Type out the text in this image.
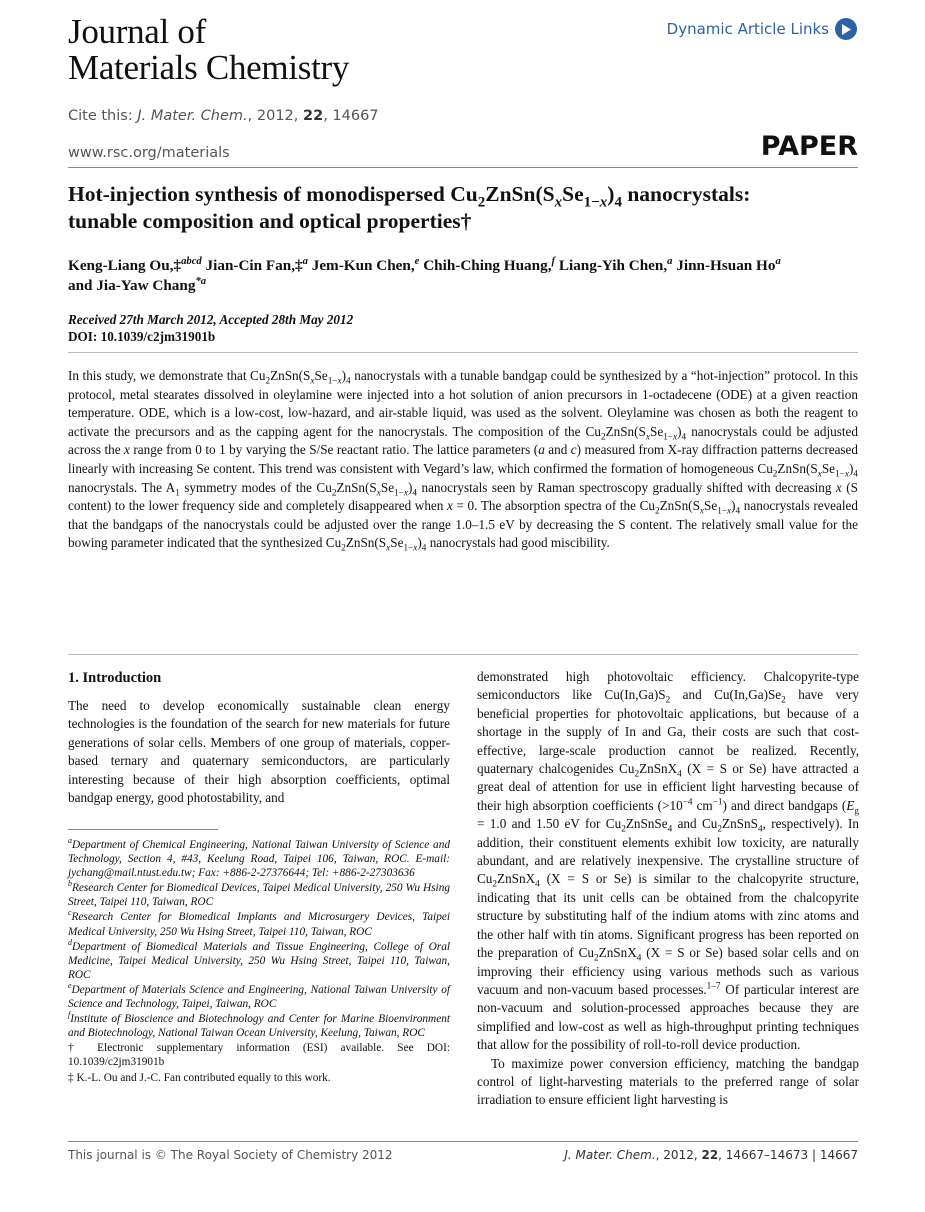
Journal of
Materials Chemistry
Dynamic Article Links
Cite this: J. Mater. Chem., 2012, 22, 14667
www.rsc.org/materials	PAPER
Hot-injection synthesis of monodispersed $Cu_2ZnSn(S_xSe_{1-x})_4$ nanocrystals:
tunable composition and optical properties†
Keng-Liang Ou,‡$^{abcd}$ Jian-Cin Fan,‡$^a$ Jem-Kun Chen,$^e$ Chih-Ching Huang,$^f$ Liang-Yih Chen,$^a$ Jinn-Hsuan Ho$^a$
and Jia-Yaw Chang$^{*a}$
Received 27th March 2012, Accepted 28th May 2012
DOI: 10.1039/c2jm31901b
In this study, we demonstrate that $Cu_2ZnSn(S_xSe_{1-x})_4$ nanocrystals with a tunable bandgap could be synthesized by a “hot-injection” protocol. In this protocol, metal stearates dissolved in oleylamine were injected into a hot solution of anion precursors in 1-octadecene (ODE) at a given reaction temperature. ODE, which is a low-cost, low-hazard, and air-stable liquid, was used as the solvent. Oleylamine was chosen as both the reagent to activate the precursors and as the capping agent for the nanocrystals. The composition of the $Cu_2ZnSn(S_xSe_{1-x})_4$ nanocrystals could be adjusted across the x range from 0 to 1 by varying the S/Se reactant ratio. The lattice parameters (a and c) measured from X-ray diffraction patterns decreased linearly with increasing Se content. This trend was consistent with Vegard’s law, which confirmed the formation of homogeneous $Cu_2ZnSn(S_xSe_{1-x})_4$ nanocrystals. The $A_1$ symmetry modes of the $Cu_2ZnSn(S_xSe_{1-x})_4$ nanocrystals seen by Raman spectroscopy gradually shifted with decreasing x (S content) to the lower frequency side and completely disappeared when x = 0. The absorption spectra of the $Cu_2ZnSn(S_xSe_{1-x})_4$ nanocrystals revealed that the bandgaps of the nanocrystals could be adjusted over the range 1.0–1.5 eV by decreasing the S content. The relatively small value for the bowing parameter indicated that the synthesized $Cu_2ZnSn(S_xSe_{1-x})_4$ nanocrystals had good miscibility.
1. Introduction

The need to develop economically sustainable clean energy technologies is the foundation of the search for new materials for future generations of solar cells. Members of one group of materials, copper-based ternary and quaternary semiconductors, are particularly interesting because of their high absorption coefficients, optimal bandgap energy, good photostability, and

$^a$Department of Chemical Engineering, National Taiwan University of Science and Technology, Section 4, #43, Keelung Road, Taipei 106, Taiwan, ROC. E-mail: jychang@mail.ntust.edu.tw; Fax: +886-2-27376644; Tel: +886-2-27303636

$^b$Research Center for Biomedical Devices, Taipei Medical University, 250 Wu Hsing Street, Taipei 110, Taiwan, ROC

$^c$Research Center for Biomedical Implants and Microsurgery Devices, Taipei Medical University, 250 Wu Hsing Street, Taipei 110, Taiwan, ROC

$^d$Department of Biomedical Materials and Tissue Engineering, College of Oral Medicine, Taipei Medical University, 250 Wu Hsing Street, Taipei 110, Taiwan, ROC

$^e$Department of Materials Science and Engineering, National Taiwan University of Science and Technology, Taipei, Taiwan, ROC

$^f$Institute of Bioscience and Biotechnology and Center for Marine Bioenvironment and Biotechnology, National Taiwan Ocean University, Keelung, Taiwan, ROC

† Electronic supplementary information (ESI) available. See DOI: 10.1039/c2jm31901b

‡ K.-L. Ou and J.-C. Fan contributed equally to this work.

demonstrated high photovoltaic efficiency. Chalcopyrite-type semiconductors like $Cu(In,Ga)S_2$ and $Cu(In,Ga)Se_2$ have very beneficial properties for photovoltaic applications, but because of a shortage in the supply of In and Ga, their costs are such that cost-effective, large-scale production cannot be realized. Recently, quaternary chalcogenides $Cu_2ZnSnX_4$ (X = S or Se) have attracted a great deal of attention for use in efficient light harvesting because of their high absorption coefficients ($>10^{-4}$ $cm^{-1}$) and direct bandgaps ($E_g = 1.0$ and 1.50 eV for $Cu_2ZnSnSe_4$ and $Cu_2ZnSnS_4$, respectively). In addition, their constituent elements exhibit low toxicity, are naturally abundant, and are relatively inexpensive. The crystalline structure of $Cu_2ZnSnX_4$ (X = S or Se) is similar to the chalcopyrite structure, indicating that its unit cells can be obtained from the chalcopyrite structure by substituting half of the indium atoms with zinc atoms and the other half with tin atoms. Significant progress has been reported on the preparation of $Cu_2ZnSnX_4$ (X = S or Se) based solar cells and on improving their efficiency using various methods such as various vacuum and non-vacuum based processes.$^{1-7}$ Of particular interest are non-vacuum and solution-processed approaches because they are simplified and low-cost as well as high-throughput printing techniques that allow for the possibility of roll-to-roll device production.

To maximize power conversion efficiency, matching the bandgap control of light-harvesting materials to the preferred range of solar irradiation to ensure efficient light harvesting is

This journal is © The Royal Society of Chemistry 2012	J. Mater. Chem., 2012, 22, 14667–14673 | 14667
